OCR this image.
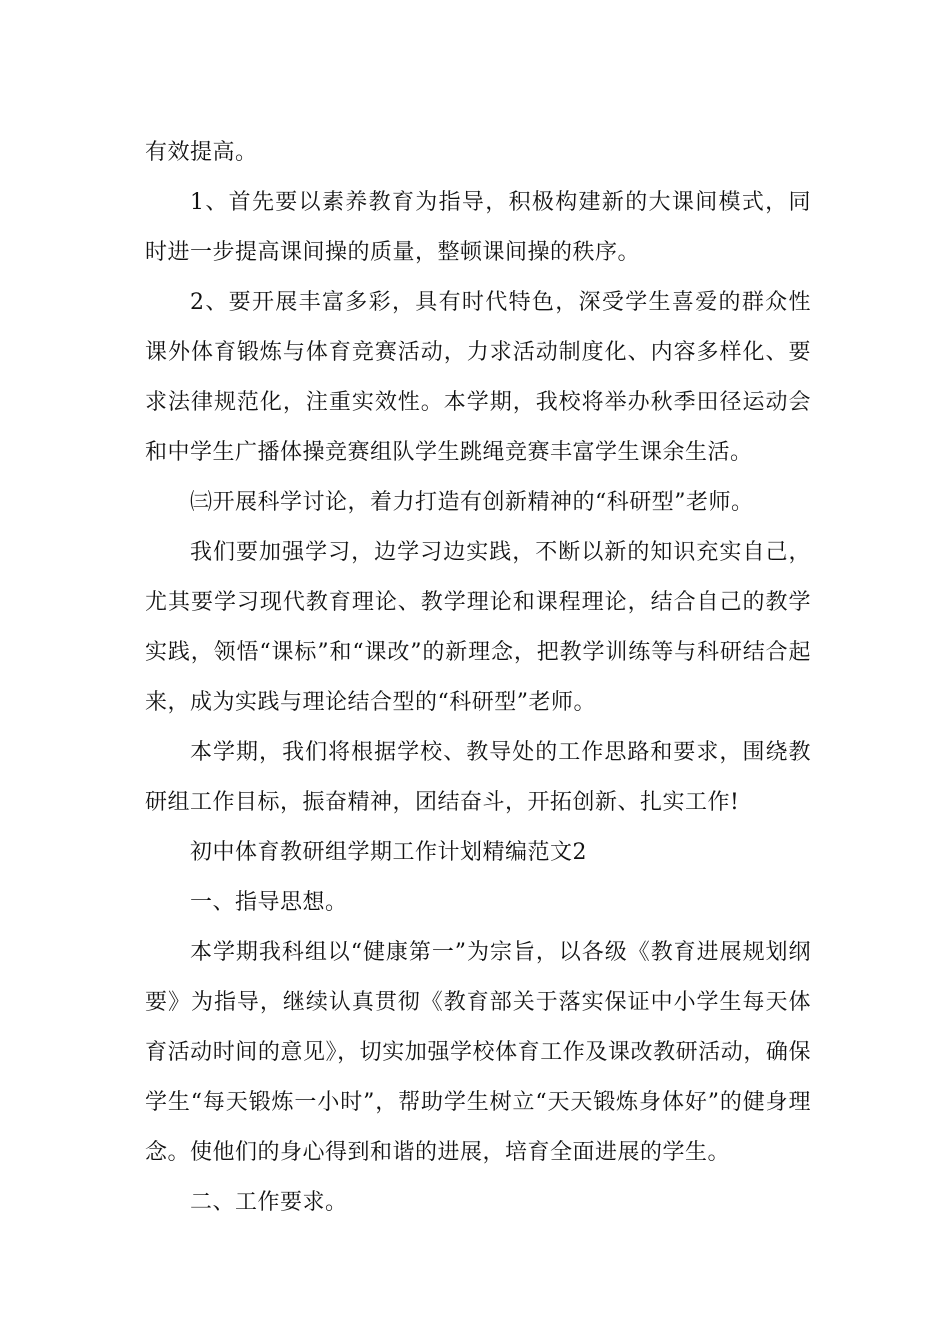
有效提高。

1、首先要以素养教育为指导，积极构建新的大课间模式，同时进一步提高课间操的质量，整顿课间操的秩序。

2、要开展丰富多彩，具有时代特色，深受学生喜爱的群众性课外体育锻炼与体育竞赛活动，力求活动制度化、内容多样化、要求法律规范化，注重实效性。本学期，我校将举办秋季田径运动会和中学生广播体操竞赛组队学生跳绳竞赛丰富学生课余生活。

㈢开展科学讨论，着力打造有创新精神的“科研型”老师。

我们要加强学习，边学习边实践，不断以新的知识充实自己，尤其要学习现代教育理论、教学理论和课程理论，结合自己的教学实践，领悟“课标”和“课改”的新理念，把教学训练等与科研结合起来，成为实践与理论结合型的“科研型”老师。

本学期，我们将根据学校、教导处的工作思路和要求，围绕教研组工作目标，振奋精神，团结奋斗，开拓创新、扎实工作!

初中体育教研组学期工作计划精编范文2

一、指导思想。

本学期我科组以“健康第一”为宗旨，以各级《教育进展规划纲要》为指导，继续认真贯彻《教育部关于落实保证中小学生每天体育活动时间的意见》，切实加强学校体育工作及课改教研活动，确保学生“每天锻炼一小时”，帮助学生树立“天天锻炼身体好”的健身理念。使他们的身心得到和谐的进展，培育全面进展的学生。

二、工作要求。
